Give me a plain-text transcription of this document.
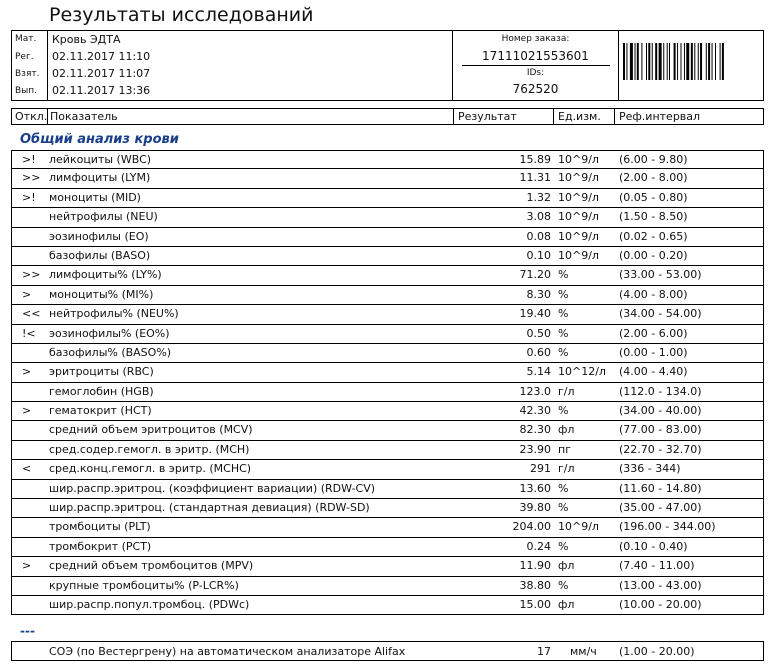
Результаты исследований
Мат. Кровь ЭДТА
Рег. 02.11.2017 11:10
Взят. 02.11.2017 11:07
Вып. 02.11.2017 13:36
Номер заказа:
17111021553601
IDs:
762520
Откл. Показатель	Результат	Ед.изм. Реф.интервал
Общий анализ крови
>! лейкоциты (WBC)	15.89 10^9/л (6.00 - 9.80)
>> лимфоциты (LYM)	11.31 10^9/л (2.00 - 8.00)
>! моноциты (MID)	1.32 10^9/л (0.05 - 0.80)
нейтрофилы (NEU)	3.08 10^9/л (1.50 - 8.50)
эозинофилы (EO)	0.08 10^9/л (0.02 - 0.65)
базофилы (BASO)	0.10 10^9/л (0.00 - 0.20)
>> лимфоциты% (LY%)	71.20 %	(33.00 - 53.00)
> моноциты% (MI%)	8.30 %	(4.00 - 8.00)
<< нейтрофилы% (NEU%)	19.40 %	(34.00 - 54.00)
!< эозинофилы% (EO%)	0.50 %	(2.00 - 6.00)
базофилы% (BASO%)	0.60 %	(0.00 - 1.00)
> эритроциты (RBC)	5.14 10^12/л (4.00 - 4.40)
гемоглобин (HGB)	123.0 г/л	(112.0 - 134.0)
> гематокрит (HCT)	42.30 %	(34.00 - 40.00)
средний объем эритроцитов (MCV)	82.30 фл	(77.00 - 83.00)
сред.содер.гемогл. в эритр. (MCH)	23.90 пг	(22.70 - 32.70)
< сред.конц.гемогл. в эритр. (MCHC)	291 г/л	(336 - 344)
шир.распр.эритроц. (коэффициент вариации) (RDW-CV)	13.60 %	(11.60 - 14.80)
шир.распр.эритроц. (стандартная девиация) (RDW-SD)	39.80 %	(35.00 - 47.00)
тромбоциты (PLT)	204.00 10^9/л (196.00 - 344.00)
тромбокрит (PCT)	0.24 %	(0.10 - 0.40)
> средний объем тромбоцитов (MPV)	11.90 фл	(7.40 - 11.00)
крупные тромбоциты% (P-LCR%)	38.80 %	(13.00 - 43.00)
шир.распр.попул.тромбоц. (PDWc)	15.00 фл	(10.00 - 20.00)
---
СОЭ (по Вестергрену) на автоматическом анализаторе Alifax	17 мм/ч (1.00 - 20.00)
